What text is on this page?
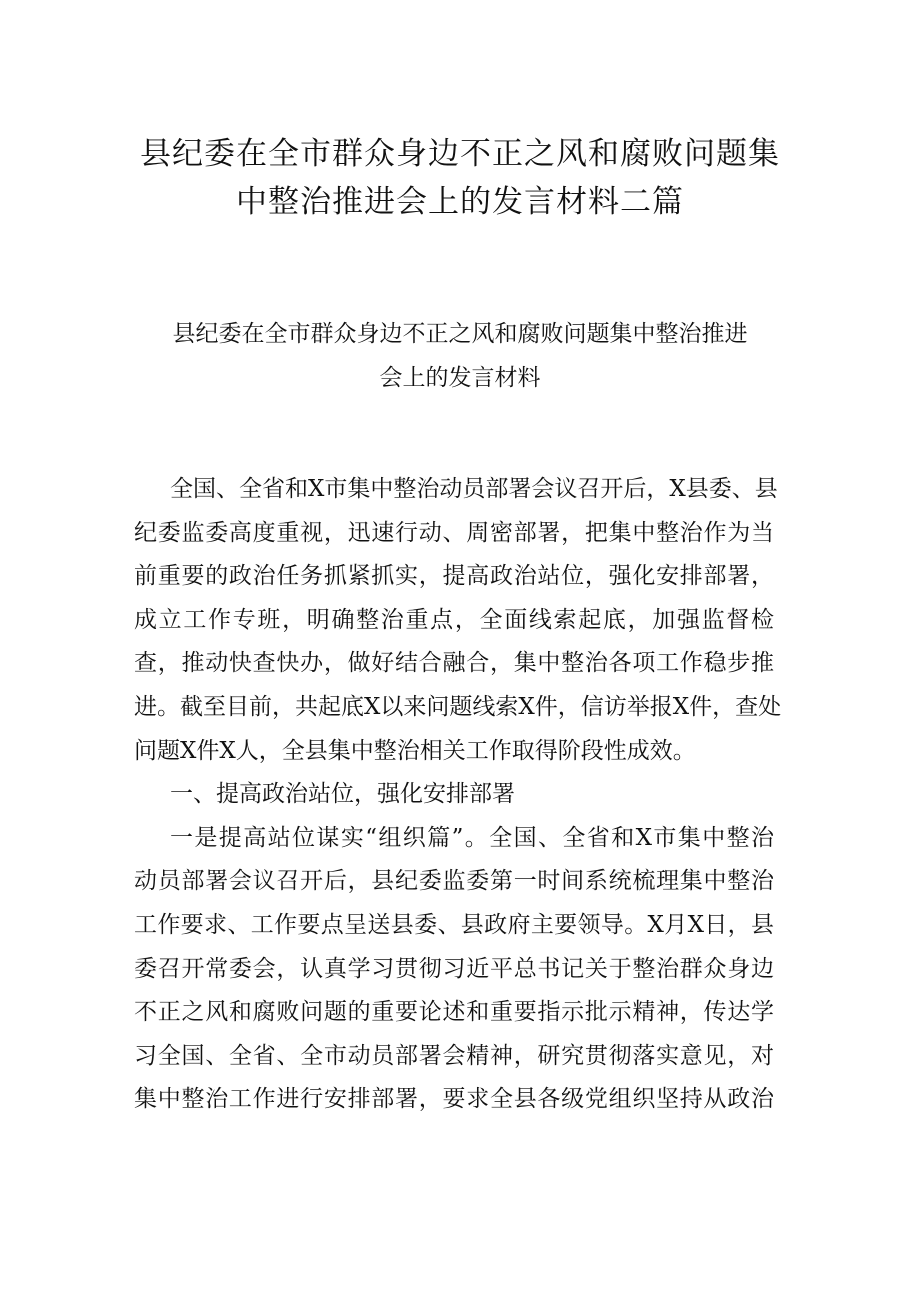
县纪委在全市群众身边不正之风和腐败问题集
中整治推进会上的发言材料二篇
县纪委在全市群众身边不正之风和腐败问题集中整治推进
会上的发言材料
全国、全省和X市集中整治动员部署会议召开后，X县委、县
纪委监委高度重视，迅速行动、周密部署，把集中整治作为当
前重要的政治任务抓紧抓实，提高政治站位，强化安排部署，
成立工作专班，明确整治重点，全面线索起底，加强监督检
查，推动快查快办，做好结合融合，集中整治各项工作稳步推
进。截至目前，共起底X以来问题线索X件，信访举报X件，查处
问题X件X人，全县集中整治相关工作取得阶段性成效。
一、提高政治站位，强化安排部署
一是提高站位谋实“组织篇”。全国、全省和X市集中整治
动员部署会议召开后，县纪委监委第一时间系统梳理集中整治
工作要求、工作要点呈送县委、县政府主要领导。X月X日，县
委召开常委会，认真学习贯彻习近平总书记关于整治群众身边
不正之风和腐败问题的重要论述和重要指示批示精神，传达学
习全国、全省、全市动员部署会精神，研究贯彻落实意见，对
集中整治工作进行安排部署，要求全县各级党组织坚持从政治
